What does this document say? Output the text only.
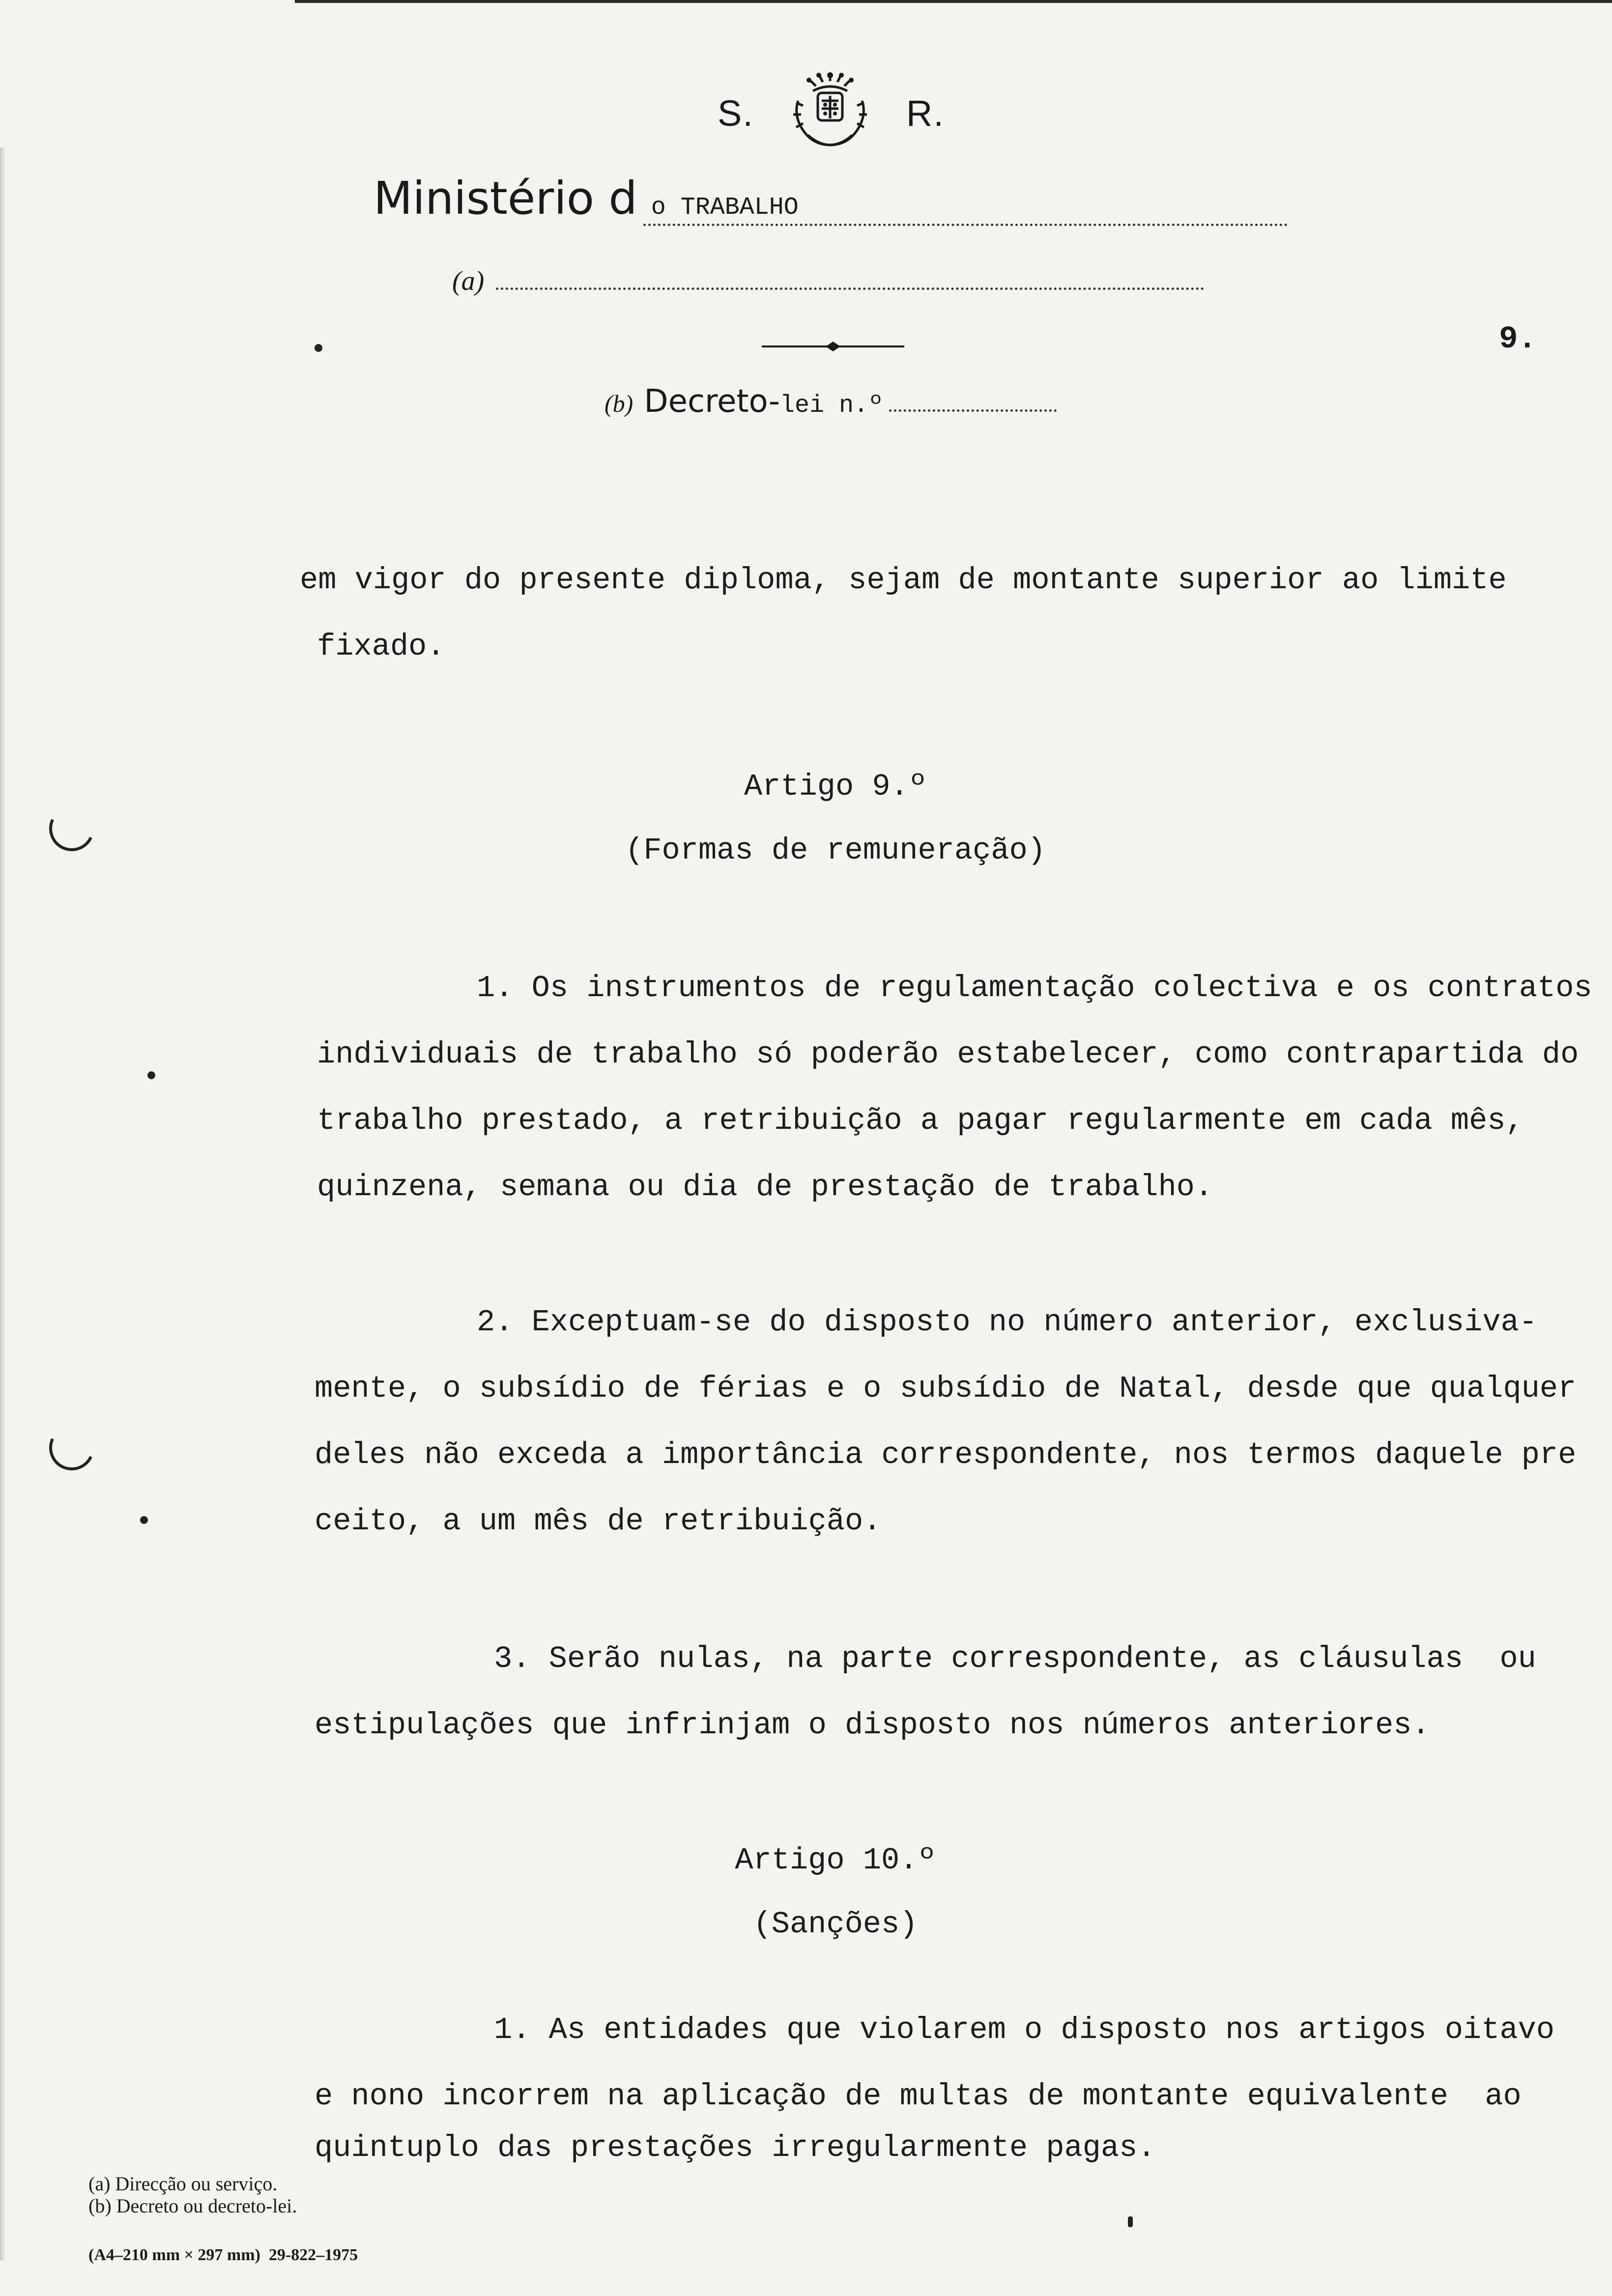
S.	R.
Ministério d o TRABALHO
(a)
9.
(b) Decreto- lei n.º
em vigor do presente diploma, sejam de montante superior ao limite
fixado.
Artigo 9.º
(Formas de remuneração)
1. Os instrumentos de regulamentação colectiva e os contratos
individuais de trabalho só poderão estabelecer, como contrapartida do
trabalho prestado, a retribuição a pagar regularmente em cada mês,
quinzena, semana ou dia de prestação de trabalho.
2. Exceptuam-se do disposto no número anterior, exclusiva-
mente, o subsídio de férias e o subsídio de Natal, desde que qualquer
deles não exceda a importância correspondente, nos termos daquele pre
ceito, a um mês de retribuição.
3. Serão nulas, na parte correspondente, as cláusulas  ou
estipulações que infrinjam o disposto nos números anteriores.
Artigo 10.º
(Sanções)
1. As entidades que violarem o disposto nos artigos oitavo
e nono incorrem na aplicação de multas de montante equivalente  ao
quintuplo das prestações irregularmente pagas.
(a) Direcção ou serviço.
(b) Decreto ou decreto-lei.
(A4–210 mm × 297 mm)  29-822–1975
